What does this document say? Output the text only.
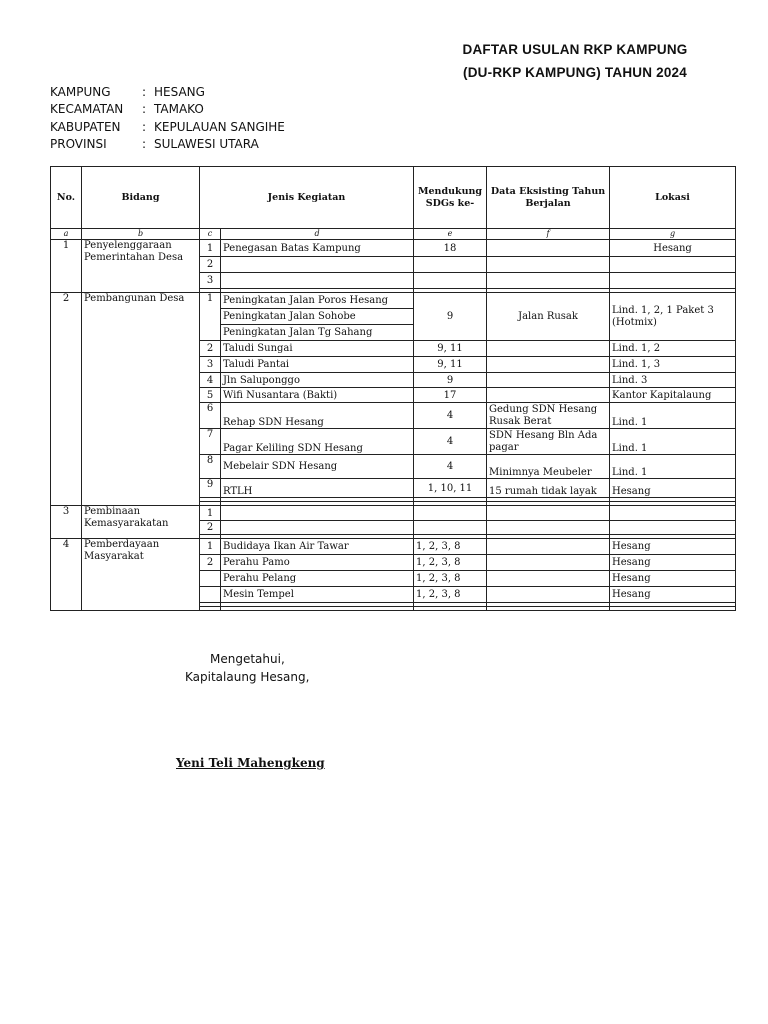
DAFTAR USULAN RKP KAMPUNG
(DU-RKP KAMPUNG) TAHUN 2024
KAMPUNG	: HESANG
KECAMATAN : TAMAKO
KABUPATEN : KEPULAUAN SANGIHE
PROVINSI	: SULAWESI UTARA
No.	Bidang	Jenis Kegiatan		Mendukung SDGs ke-	Data Eksisting Tahun Berjalan	Lokasi
a	b	c	d	e	f	g
1	Penyelenggaraan Pemerintahan Desa	1	Penegasan Batas Kampung	18		Hesang
		2				
		3				

2	Pembangunan Desa	1	Peningkatan Jalan Poros Hesang	9	Jalan Rusak	Lind. 1, 2, 1 Paket 3 (Hotmix)
			Peningkatan Jalan Sohobe			
			Peningkatan Jalan Tg Sahang			
		2	Taludi Sungai	9, 11		Lind. 1, 2
		3	Taludi Pantai	9, 11		Lind. 1, 3
		4	Jln Saluponggo	9		Lind. 3
		5	Wifi Nusantara (Bakti)	17		Kantor Kapitalaung
		6	Rehap SDN Hesang	4	Gedung SDN Hesang Rusak Berat	Lind. 1
		7	Pagar Keliling SDN Hesang	4	SDN Hesang Bln Ada pagar	Lind. 1
		8	Mebelair SDN Hesang	4	Minimnya Meubeler	Lind. 1
		9	RTLH	1, 10, 11	15 rumah tidak layak	Hesang

3	Pembinaan Kemasyarakatan	1				
		2				

4	Pemberdayaan Masyarakat	1	Budidaya Ikan Air Tawar	1, 2, 3, 8		Hesang
		2	Perahu Pamo	1, 2, 3, 8		Hesang
			Perahu Pelang	1, 2, 3, 8		Hesang
			Mesin Tempel	1, 2, 3, 8		Hesang

Mengetahui,
Kapitalaung Hesang,
Yeni Teli Mahengkeng
